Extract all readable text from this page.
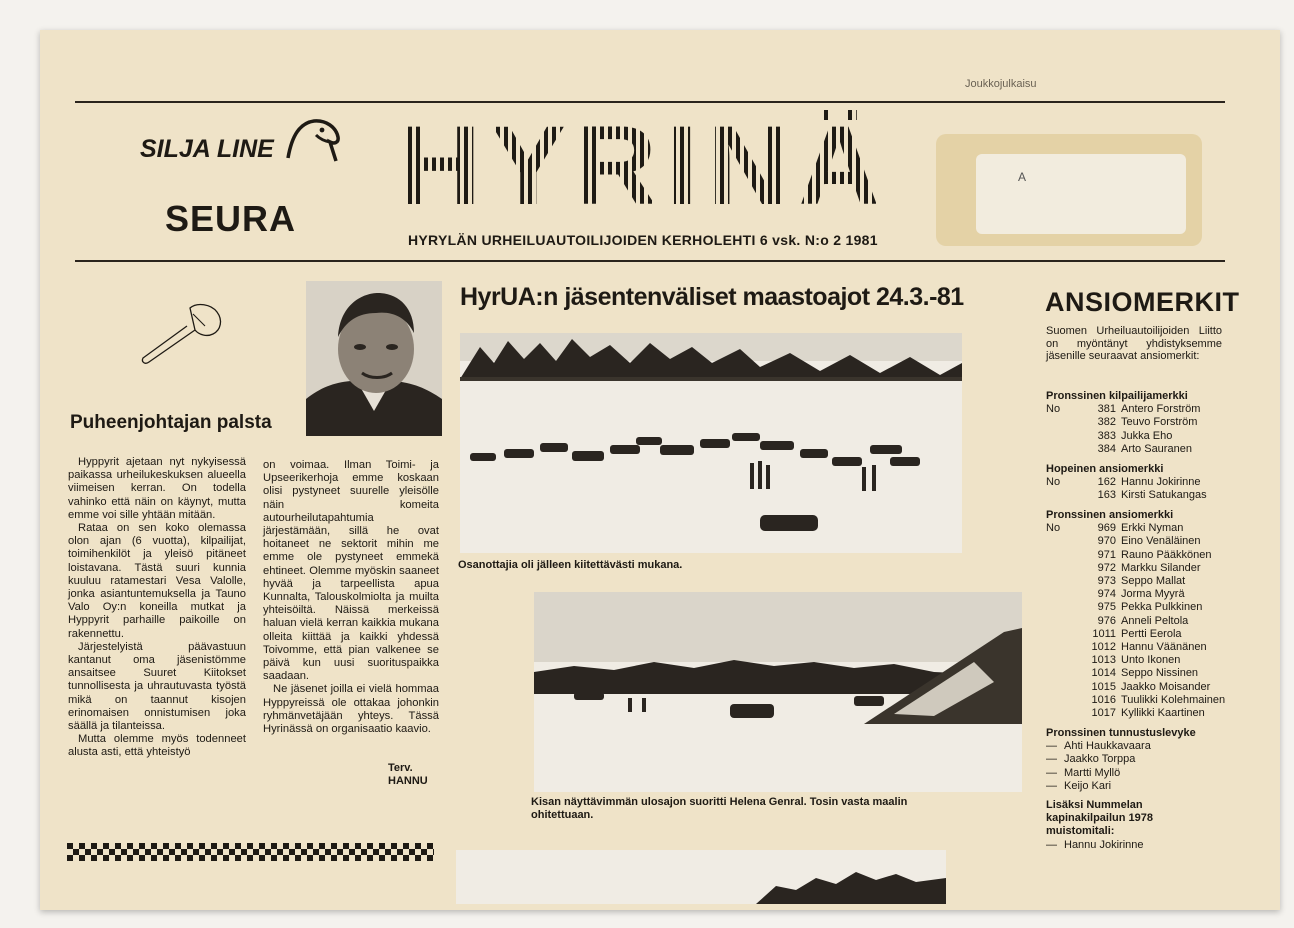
Joukkojulkaisu
SILJA LINE
SEURA HYRINÄ
HYRYLÄN URHEILUAUTOILIJOIDEN KERHOLEHTI 6 vsk. N:o 2 1981
A
Puheenjohtajan palsta

Hyppyrit ajetaan nyt nykyisessä paikassa urheilukeskuksen alueella viimeisen kerran. On todella vahinko että näin on käynyt, mutta emme voi sille yhtään mitään.

Rataa on sen koko olemassa olon ajan (6 vuotta), kilpailijat, toimihenkilöt ja yleisö pitäneet loistavana. Tästä suuri kunnia kuuluu ratamestari Vesa Valolle, jonka asiantuntemuksella ja Tauno Valo Oy:n koneilla mutkat ja Hyppyrit parhaille paikoille on rakennettu.

Järjestelyistä päävastuun kantanut oma jäsenistömme ansaitsee Suuret Kiitokset tunnollisesta ja uhrautuvasta työstä mikä on taannut kisojen erinomaisen onnistumisen joka säällä ja tilanteissa.

Mutta olemme myös todenneet alusta asti, että yhteistyö

on voimaa. Ilman Toimi- ja Upseerikerhoja emme koskaan olisi pystyneet suurelle yleisölle näin komeita autourheilutapahtumia järjestämään, sillä he ovat hoitaneet ne sektorit mihin me emme ole pystyneet emmekä ehtineet. Olemme myöskin saaneet hyvää ja tarpeellista apua Kunnalta, Talouskolmiolta ja muilta yhteisöiltä. Näissä merkeissä haluan vielä kerran kaikkia mukana olleita kiittää ja kaikki yhdessä Toivomme, että pian valkenee se päivä kun uusi suorituspaikka saadaan.

Ne jäsenet joilla ei vielä hommaa Hyppyreissä ole ottakaa johonkin ryhmänvetäjään yhteys. Tässä Hyrinässä on organisaatio kaavio.

Terv.
HANNU
HyrUA:n jäsentenväliset maastoajot 24.3.-81
Osanottajia oli jälleen kiitettävästi mukana.
Kisan näyttävimmän ulosajon suoritti Helena Genral. Tosin vasta maalin ohitettuaan.
ANSIOMERKIT
Suomen Urheiluautoilijoiden Liitto on myöntänyt yhdistyksemme jäsenille seuraavat ansiomerkit:
Pronssinen kilpailijamerkki
No	381 Antero Forström
382 Teuvo Forström
383 Jukka Eho
384 Arto Sauranen
Hopeinen ansiomerkki
No	162 Hannu Jokirinne
163 Kirsti Satukangas
Pronssinen ansiomerkki
No	969 Erkki Nyman
970 Eino Venäläinen
971 Rauno Pääkkönen
972 Markku Silander
973 Seppo Mallat
974 Jorma Myyrä
975 Pekka Pulkkinen
976 Anneli Peltola
1011 Pertti Eerola
1012 Hannu Väänänen
1013 Unto Ikonen
1014 Seppo Nissinen
1015 Jaakko Moisander
1016 Tuulikki Kolehmainen
1017 Kyllikki Kaartinen
Pronssinen tunnustuslevyke
— Ahti Haukkavaara
— Jaakko Torppa
— Martti Myllö
— Keijo Kari
Lisäksi Nummelan kapinakilpailun 1978 muistomitali:
— Hannu Jokirinne
